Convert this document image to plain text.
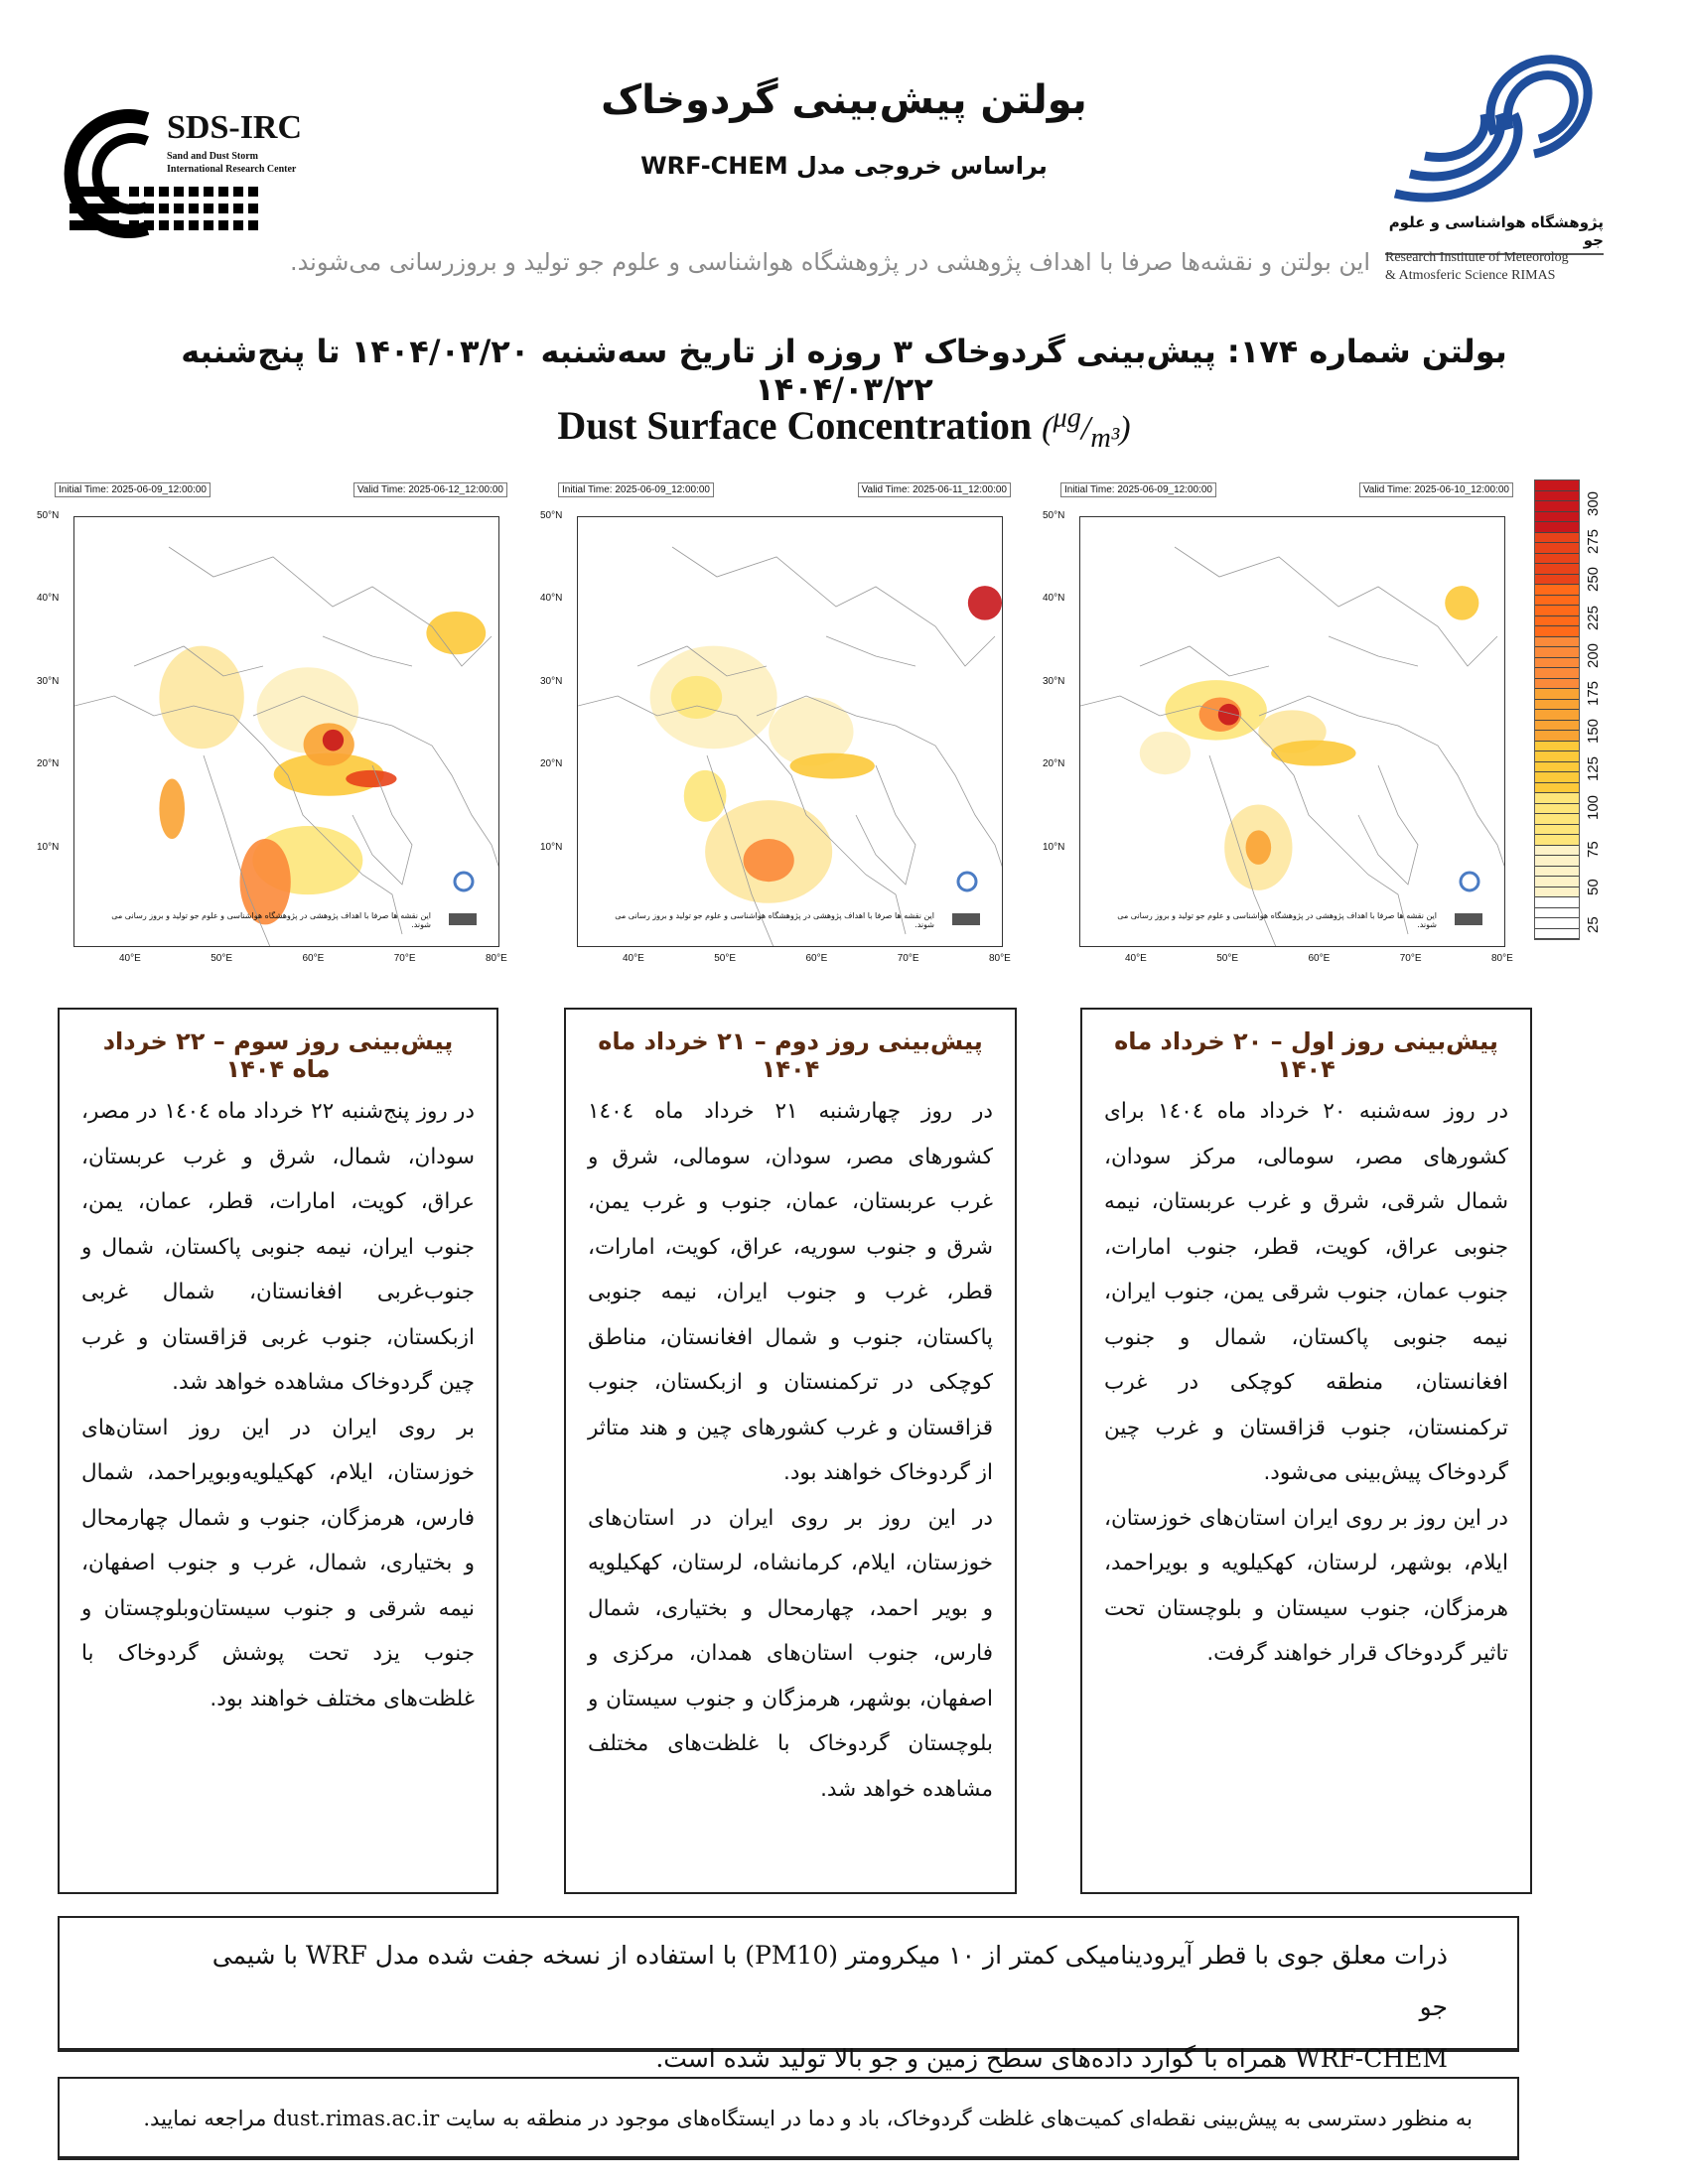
SDS-IRC
Sand and Dust Storm
International Research Center
بولتن پیش‌بینی گردوخاک
براساس خروجی مدل WRF-CHEM
پژوهشگاه هواشناسی و علوم جو
Research Institute of Meteorolog
& Atmosferic Science RIMAS
این بولتن و نقشه‌ها صرفا با اهداف پژوهشی در پژوهشگاه هواشناسی و علوم جو تولید و بروزرسانی می‌شوند.
بولتن شماره ۱۷۴: پیش‌بینی گردوخاک ۳ روزه از تاریخ سه‌شنبه ۱۴۰۴/۰۳/۲۰ تا پنج‌شنبه ۱۴۰۴/۰۳/۲۲
Dust Surface Concentration $(^{\mu g}/_{m^3})$
Initial Time: 2025-06-09_12:00:00	Valid Time: 2025-06-12_12:00:00
این نقشه ها صرفا با اهداف پژوهشی در پژوهشگاه هواشناسی و علوم جو تولید و بروز رسانی می شوند.
50°N
40°N
30°N
20°N
10°N
40°E	50°E	60°E	70°E	80°E
Initial Time: 2025-06-09_12:00:00	Valid Time: 2025-06-11_12:00:00
این نقشه ها صرفا با اهداف پژوهشی در پژوهشگاه هواشناسی و علوم جو تولید و بروز رسانی می شوند.
50°N
40°N
30°N
20°N
10°N
40°E	50°E	60°E	70°E	80°E
Initial Time: 2025-06-09_12:00:00	Valid Time: 2025-06-10_12:00:00
این نقشه ها صرفا با اهداف پژوهشی در پژوهشگاه هواشناسی و علوم جو تولید و بروز رسانی می شوند.
50°N
40°N
30°N
20°N
10°N
40°E	50°E	60°E	70°E	80°E
300
275
250
225
200
175
150
125
100
75
50
25
پیش‌بینی روز سوم – ۲۲ خرداد ماه ۱۴۰۴

در روز پنج‌شنبه ۲۲ خرداد ماه ١٤٠٤ در مصر، سودان، شمال، شرق و غرب عربستان، عراق، کویت، امارات، قطر، عمان، یمن، جنوب ایران، نیمه جنوبی پاکستان، شمال و جنوب‌غربی افغانستان، شمال غربی ازبکستان، جنوب غربی قزاقستان و غرب چین گردوخاک مشاهده خواهد شد.

بر روی ایران در این روز استان‌های خوزستان، ایلام، کهکیلویه‌وبویراحمد، شمال فارس، هرمزگان، جنوب و شمال چهارمحال و بختیاری، شمال، غرب و جنوب اصفهان، نیمه شرقی و جنوب سیستان‌وبلوچستان و جنوب یزد تحت پوشش گردوخاک با غلظت‌های مختلف خواهند بود.

پیش‌بینی روز دوم – ۲۱ خرداد ماه ۱۴۰۴

در روز چهارشنبه ۲۱ خرداد ماه ١٤٠٤ کشورهای مصر، سودان، سومالی، شرق و غرب عربستان، عمان، جنوب و غرب یمن، شرق و جنوب سوریه، عراق، کویت، امارات، قطر، غرب و جنوب ایران، نیمه جنوبی پاکستان، جنوب و شمال افغانستان، مناطق کوچکی در ترکمنستان و ازبکستان، جنوب قزاقستان و غرب کشورهای چین و هند متاثر از گردوخاک خواهند بود.

در این روز بر روی ایران در استان‌های خوزستان، ایلام، کرمانشاه، لرستان، کهکیلویه و بویر احمد، چهارمحال و بختیاری، شمال فارس، جنوب استان‌های همدان، مرکزی و اصفهان، بوشهر، هرمزگان و جنوب سیستان و بلوچستان گردوخاک با غلظت‌های مختلف مشاهده خواهد شد.

پیش‌بینی روز اول – ۲۰ خرداد ماه ۱۴۰۴

در روز سه‌شنبه ۲۰ خرداد ماه ١٤٠٤ برای کشورهای مصر، سومالی، مرکز سودان، شمال شرقی، شرق و غرب عربستان، نیمه جنوبی عراق، کویت، قطر، جنوب امارات، جنوب عمان، جنوب شرقی یمن، جنوب ایران، نیمه جنوبی پاکستان، شمال و جنوب افغانستان، منطقه کوچکی در غرب ترکمنستان، جنوب قزاقستان و غرب چین گردوخاک پیش‌بینی می‌شود.

در این روز بر روی ایران استان‌های خوزستان، ایلام، بوشهر، لرستان، کهکیلویه و بویراحمد، هرمزگان، جنوب سیستان و بلوچستان تحت تاثیر گردوخاک قرار خواهند گرفت.

ذرات معلق جوی با قطر آیرودینامیکی کمتر از ۱۰ میکرومتر (PM10) با استفاده از نسخه جفت شده مدل WRF با شیمی جو
WRF-CHEM همراه با گوارد داده‌های سطح زمین و جو بالا تولید شده است.
به منظور دسترسی به پیش‌بینی نقطه‌ای کمیت‌های غلظت گردوخاک، باد و دما در ایستگاه‌های موجود در منطقه به سایت dust.rimas.ac.ir مراجعه نمایید.
